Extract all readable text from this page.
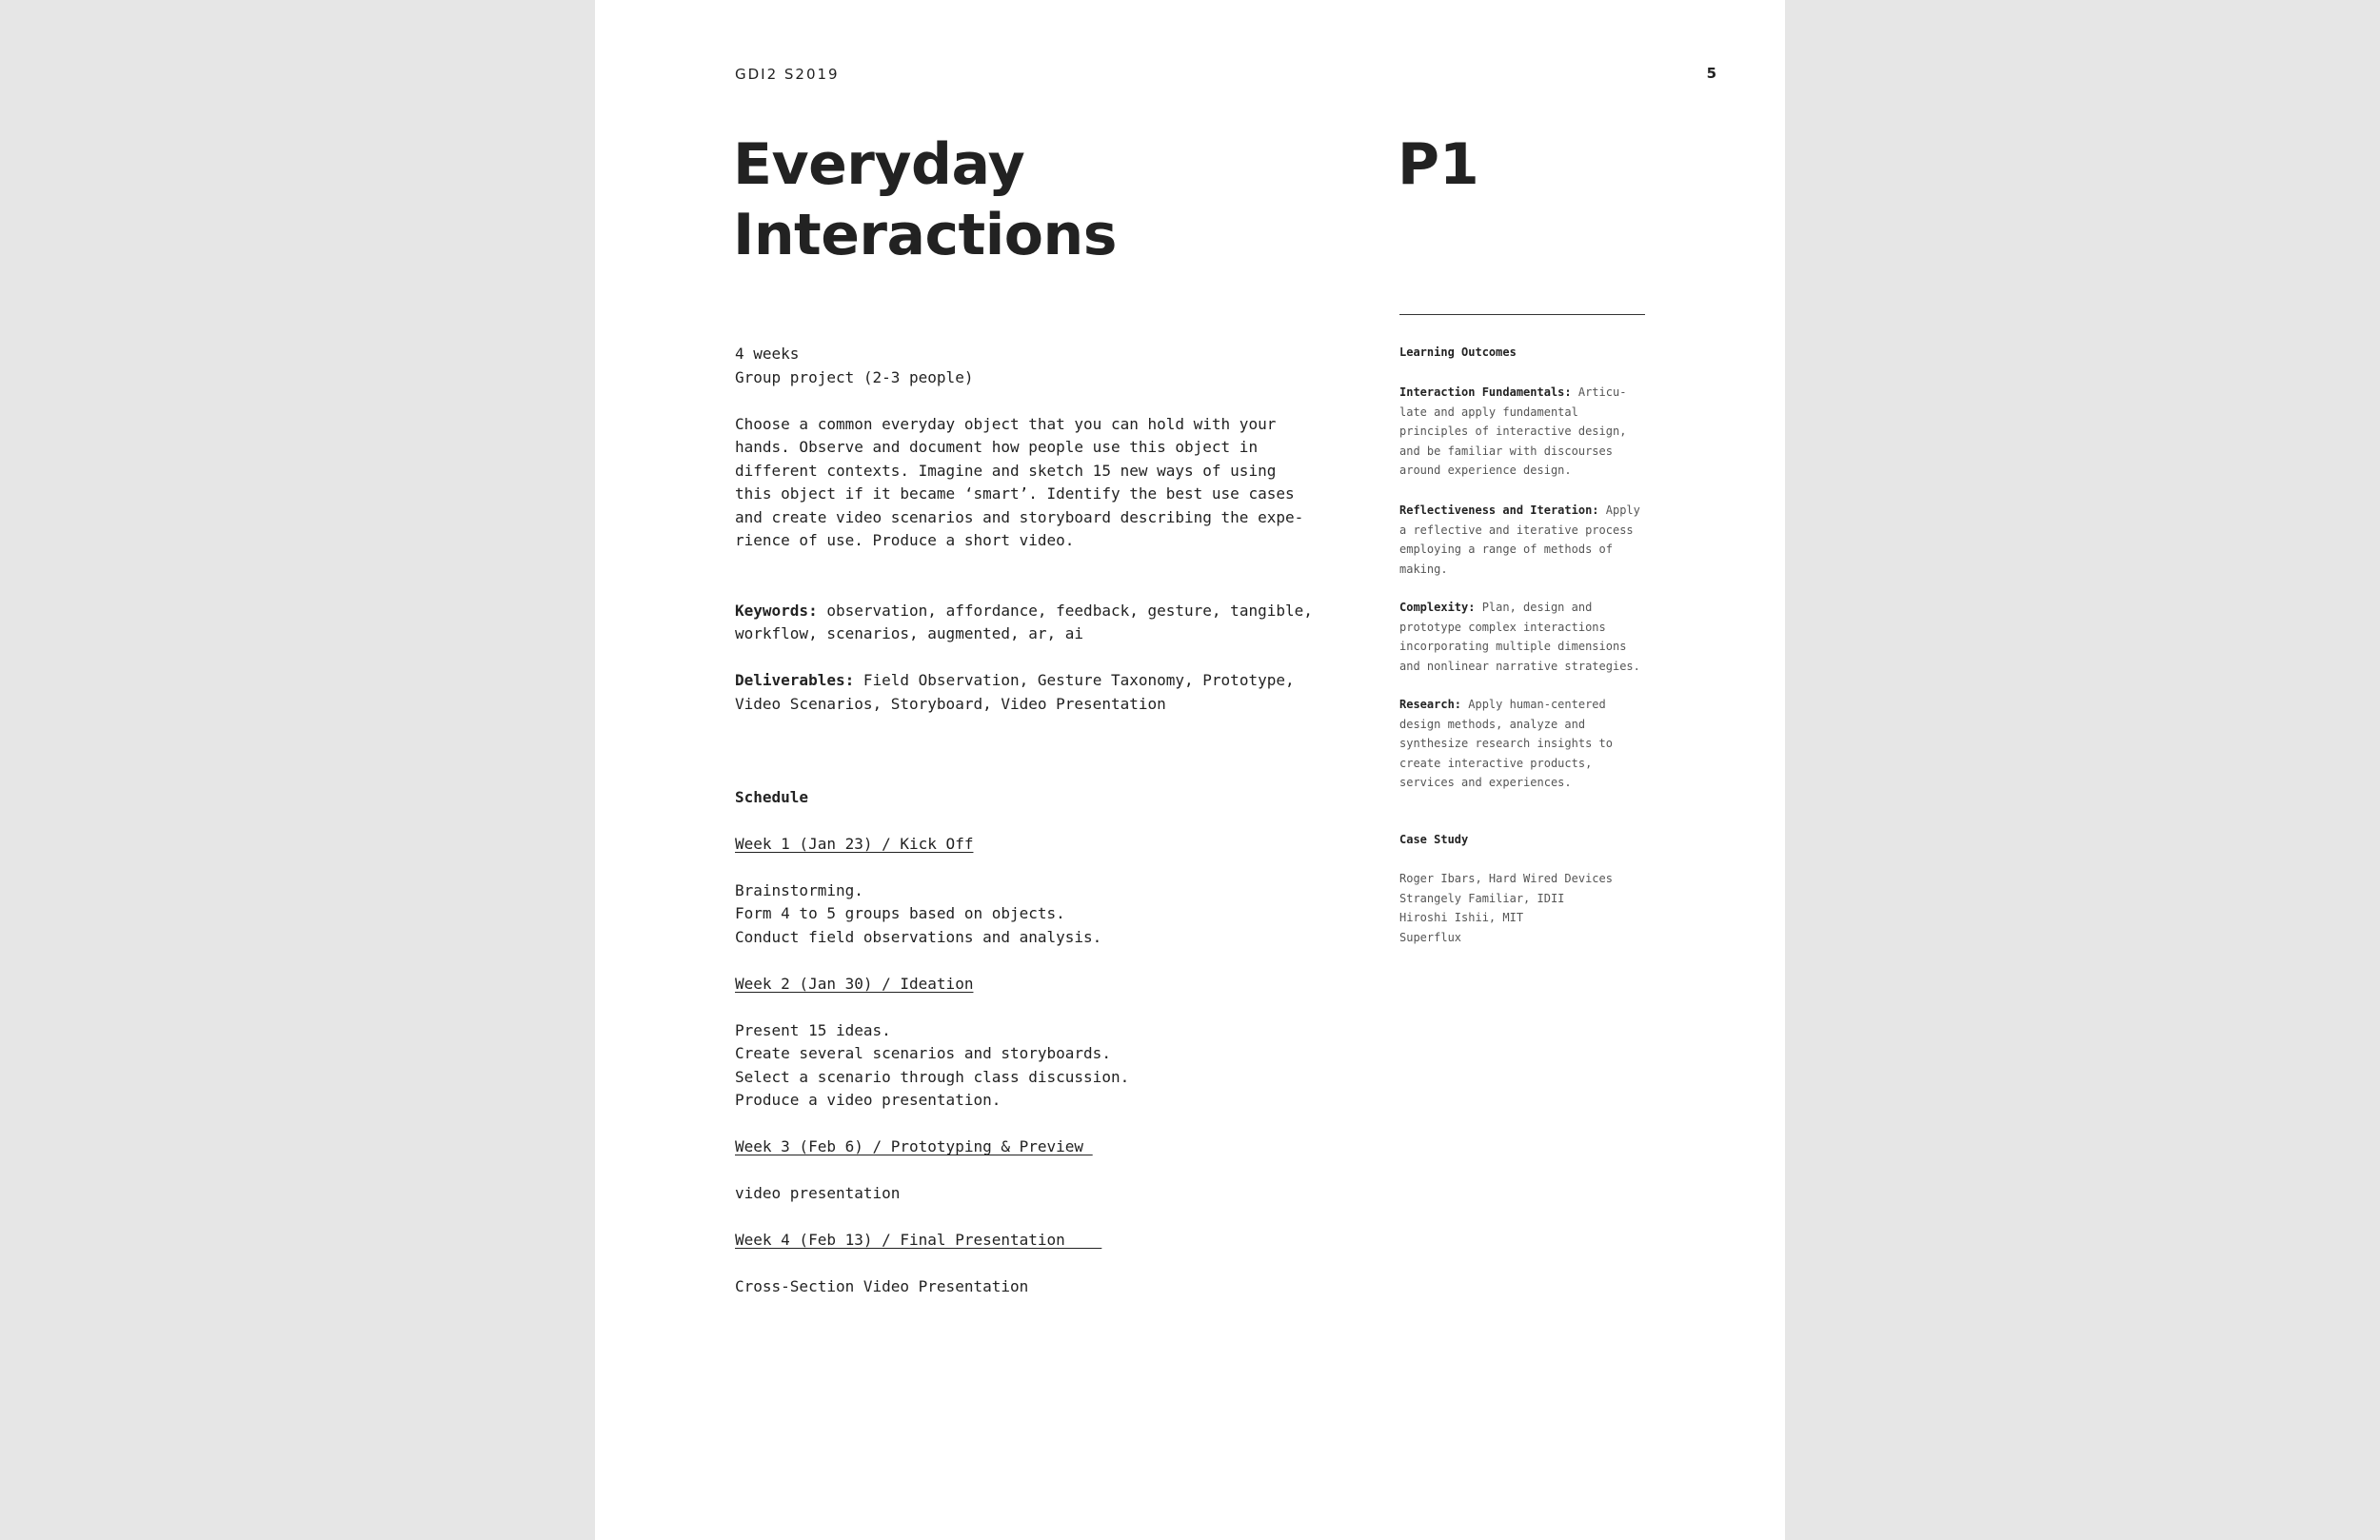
GDI2 S2019	5
Everyday
Interactions
P1
4 weeks
Group project (2-3 people)
Choose a common everyday object that you can hold with your
hands. Observe and document how people use this object in
different contexts. Imagine and sketch 15 new ways of using
this object if it became ‘smart’. Identify the best use cases
and create video scenarios and storyboard describing the expe-
rience of use. Produce a short video.
Keywords: observation, affordance, feedback, gesture, tangible,
workflow, scenarios, augmented, ar, ai
Deliverables: Field Observation, Gesture Taxonomy, Prototype,
Video Scenarios, Storyboard, Video Presentation
Schedule
Week 1 (Jan 23) / Kick Off
Brainstorming.
Form 4 to 5 groups based on objects.
Conduct field observations and analysis.
Week 2 (Jan 30) / Ideation
Present 15 ideas.
Create several scenarios and storyboards.
Select a scenario through class discussion.
Produce a video presentation.
Week 3 (Feb 6) / Prototyping & Preview
video presentation
Week 4 (Feb 13) / Final Presentation
Cross-Section Video Presentation
Learning Outcomes
Interaction Fundamentals: Articu-
late and apply fundamental
principles of interactive design,
and be familiar with discourses
around experience design.
Reflectiveness and Iteration: Apply
a reflective and iterative process
employing a range of methods of
making.
Complexity: Plan, design and
prototype complex interactions
incorporating multiple dimensions
and nonlinear narrative strategies.
Research: Apply human-centered
design methods, analyze and
synthesize research insights to
create interactive products,
services and experiences.
Case Study
Roger Ibars, Hard Wired Devices
Strangely Familiar, IDII
Hiroshi Ishii, MIT
Superflux
